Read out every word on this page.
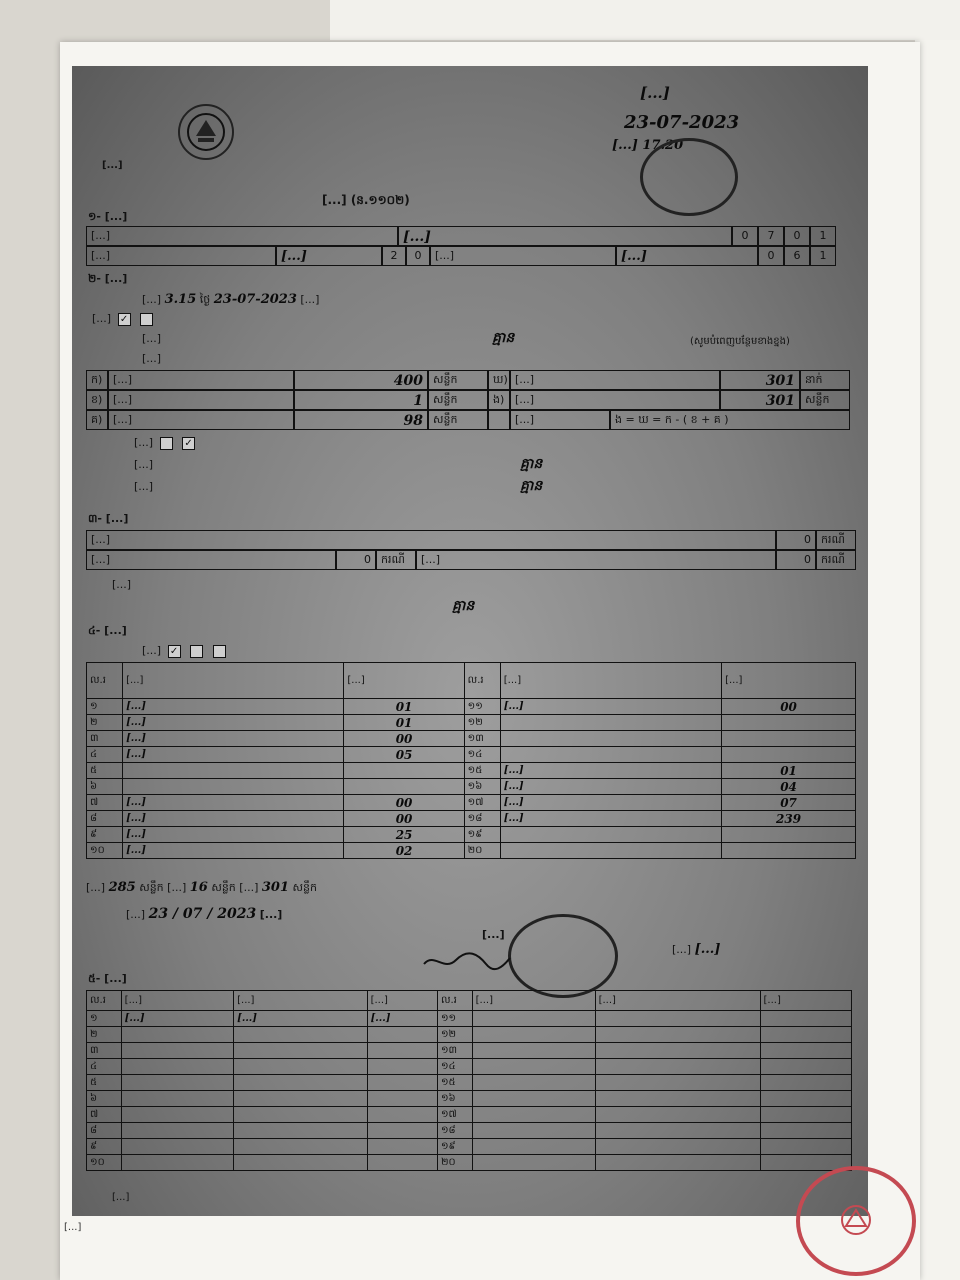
[...]
[...]
23-07-2023
[...] 17.20
[...] (ន.១១០២)
១- [...]
[...]	[...]	0	7	0	1
[...]	[...]	2	0	[...]	[...]	0	6	1
២- [...]
[...] 3.15 ថ្ងៃ 23-07-2023 [...]
[...] ✓
[...]	គ្មាន	(សូមបំពេញបន្ថែមខាងខ្នង)
[...]
ក) [...]	400 សន្លឹក	ឃ) [...]	301 នាក់
ខ) [...]	1 សន្លឹក	ង) [...]	301 សន្លឹក
គ) [...]	98 សន្លឹក	[...]	ង = ឃ = ក - ( ខ + គ )
[...]	✓
[...]	គ្មាន
[...]	គ្មាន
៣- [...]
[...]	0 ករណី
[...]	0 ករណី	[...]	0 ករណី
[...]
គ្មាន
៤- [...]
[...] ✓
ល.រ	[...]	[...]	ល.រ	[...]	[...]
១	[...]	01	១១	[...]	00
២	[...]	01	១២		
៣	[...]	00	១៣		
៤	[...]	05	១៤		
៥			១៥	[...]	01
៦			១៦	[...]	04
៧	[...]	00	១៧	[...]	07
៨	[...]	00	១៨	[...]	239
៩	[...]	25	១៩		
១០	[...]	02	២០		
[...] 285 សន្លឹក [...] 16 សន្លឹក [...] 301 សន្លឹក
[...] 23 / 07 / 2023 [...]
[...]
[...] [...]
៥- [...]
ល.រ	[...]	[...]	[...]	ល.រ	[...]	[...]	[...]
១	[...]	[...]	[...]	១១			
២				១២			
៣				១៣			
៤				១៤			
៥				១៥			
៦				១៦			
៧				១៧			
៨				១៨			
៩				១៩			
១០				២០			
[...]
[...]
